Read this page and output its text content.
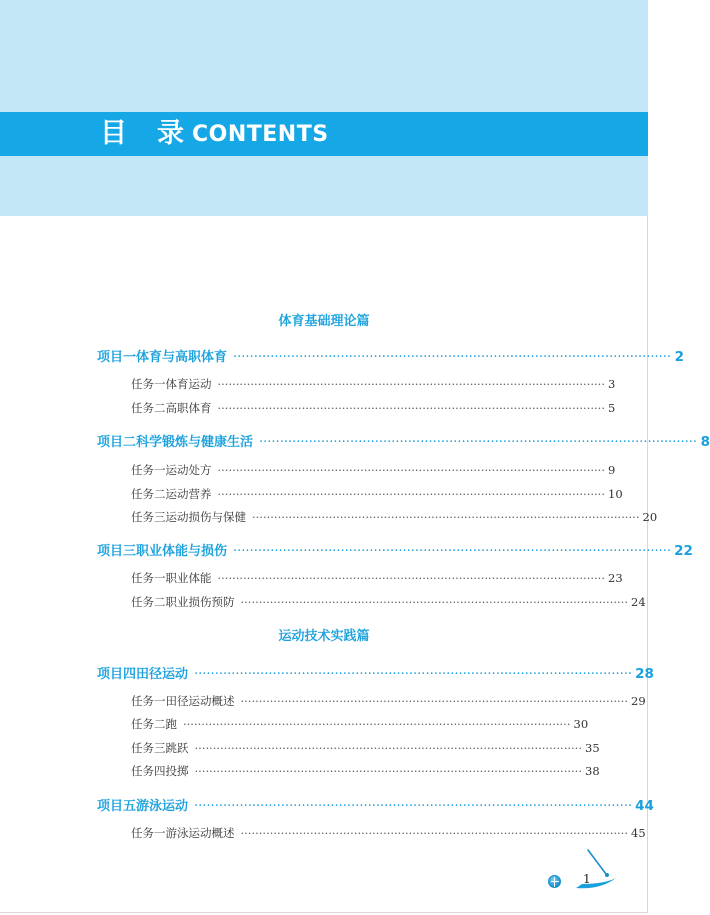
目 录 CONTENTS
体育基础理论篇
项目一 体育与高职体育 ·········································································································· 2
任务一 体育运动 ·········································································································· 3
任务二 高职体育 ·········································································································· 5
项目二 科学锻炼与健康生活 ·········································································································· 8
任务一 运动处方 ·········································································································· 9
任务二 运动营养 ·········································································································· 10
任务三 运动损伤与保健 ·········································································································· 20
项目三 职业体能与损伤 ·········································································································· 22
任务一 职业体能 ·········································································································· 23
任务二 职业损伤预防 ·········································································································· 24
运动技术实践篇
项目四 田径运动 ·········································································································· 28
任务一 田径运动概述 ·········································································································· 29
任务二 跑 ·········································································································· 30
任务三 跳跃 ·········································································································· 35
任务四 投掷 ·········································································································· 38
项目五 游泳运动 ·········································································································· 44
任务一 游泳运动概述 ·········································································································· 45
1
